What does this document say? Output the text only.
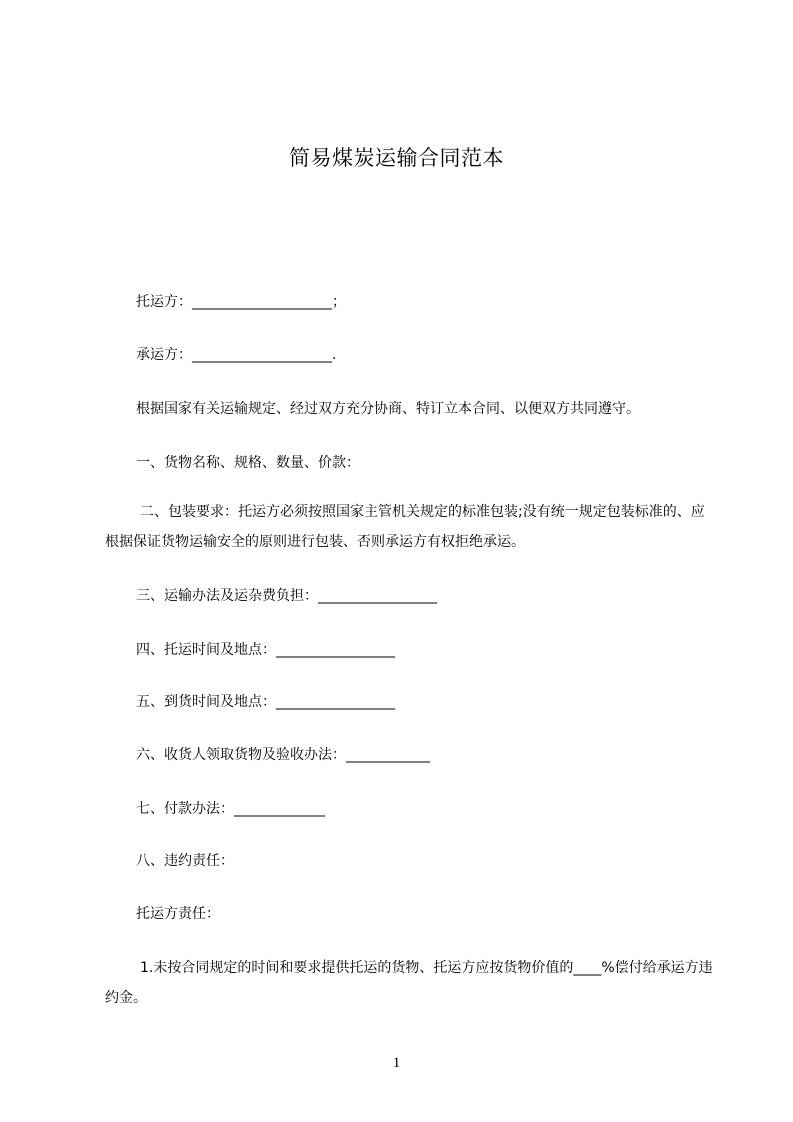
简易煤炭运输合同范本
托运方：____________________；
承运方：____________________.
根据国家有关运输规定、经过双方充分协商、特订立本合同、以便双方共同遵守。
一、货物名称、规格、数量、价款：
二、包装要求：托运方必须按照国家主管机关规定的标准包装;没有统一规定包装标准的、应根据保证货物运输安全的原则进行包装、否则承运方有权拒绝承运。
三、运输办法及运杂费负担：_________________
四、托运时间及地点：_________________
五、到货时间及地点：_________________
六、收货人领取货物及验收办法：____________
七、付款办法：_____________
八、违约责任：
托运方责任：
1.未按合同规定的时间和要求提供托运的货物、托运方应按货物价值的____%偿付给承运方违约金。
1
